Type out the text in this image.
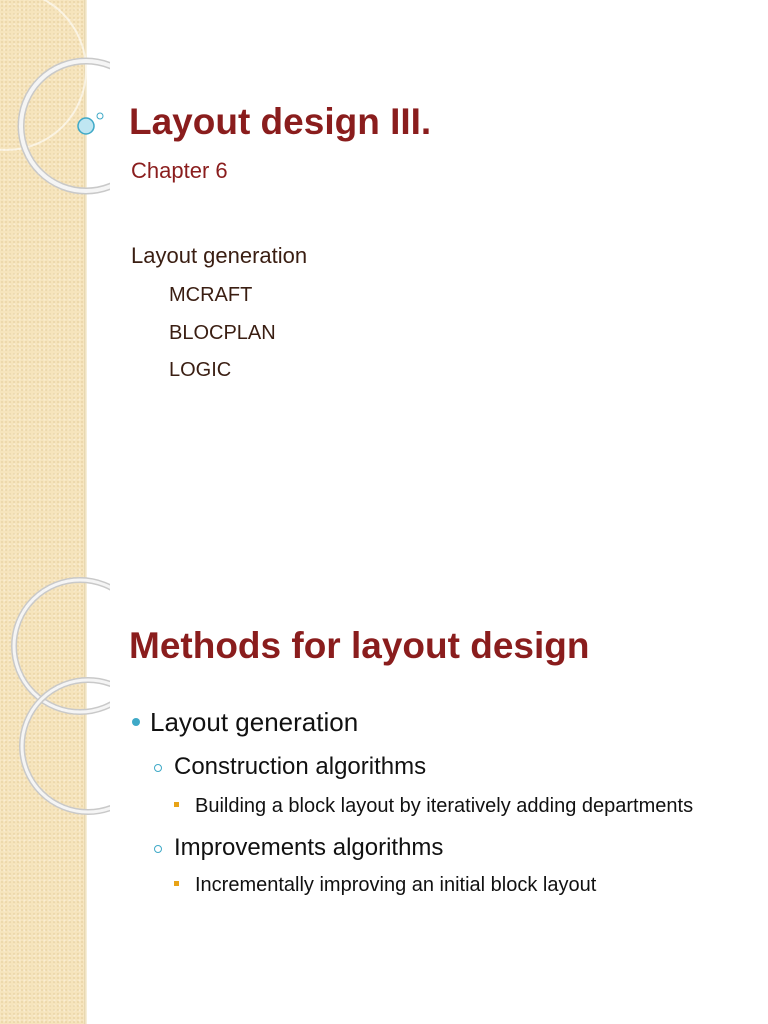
Layout design III.
Chapter 6
Layout generation
MCRAFT
BLOCPLAN
LOGIC
Methods for layout design
Layout generation
Construction algorithms
Building a block layout by iteratively adding departments
Improvements algorithms
Incrementally improving an initial block layout
